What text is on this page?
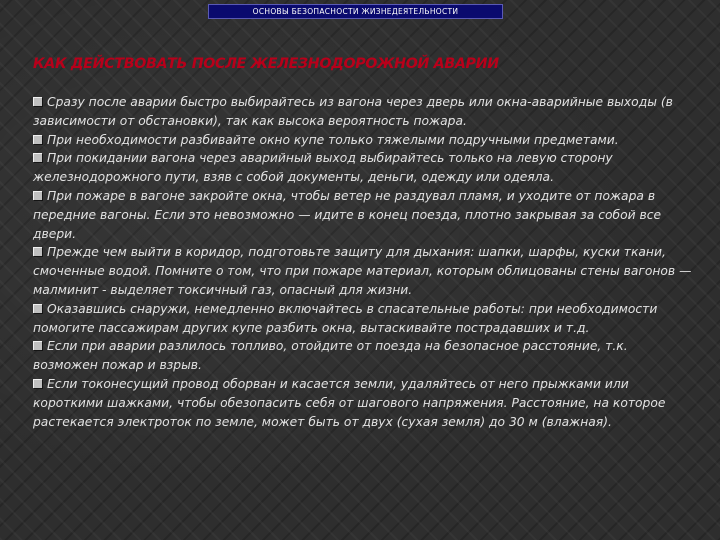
ОСНОВЫ БЕЗОПАСНОСТИ ЖИЗНЕДЕЯТЕЛЬНОСТИ
КАК ДЕЙСТВОВАТЬ ПОСЛЕ ЖЕЛЕЗНОДОРОЖНОЙ АВАРИИ

Сразу после аварии быстро выбирайтесь из вагона через дверь или окна-аварийные выходы (в зависимости от обстановки), так как высока вероятность пожара.

При необходимости разбивайте окно купе только тяжелыми подручными предметами.

При покидании вагона через аварийный выход выбирайтесь только на левую сторону железнодорожного пути, взяв с собой документы, деньги, одежду или одеяла.

При пожаре в вагоне закройте окна, чтобы ветер не раздувал пламя, и уходите от пожара в передние вагоны. Если это невозможно — идите в конец поезда, плотно закрывая за собой все двери.

Прежде чем выйти в коридор, подготовьте защиту для дыхания: шапки, шарфы, куски ткани, смоченные водой. Помните о том, что при пожаре материал, которым облицованы стены вагонов — малминит - выделяет токсичный газ, опасный для жизни.

Оказавшись снаружи, немедленно включайтесь в спасательные работы: при необходимости помогите пассажирам других купе разбить окна, вытаскивайте пострадавших и т.д.

Если при аварии разлилось топливо, отойдите от поезда на безопасное расстояние, т.к. возможен пожар и взрыв.

Если токонесущий провод оборван и касается земли, удаляйтесь от него прыжками или короткими шажками, чтобы обезопасить себя от шагового напряжения. Расстояние, на которое растекается электроток по земле, может быть от двух (сухая земля) до 30 м (влажная).
